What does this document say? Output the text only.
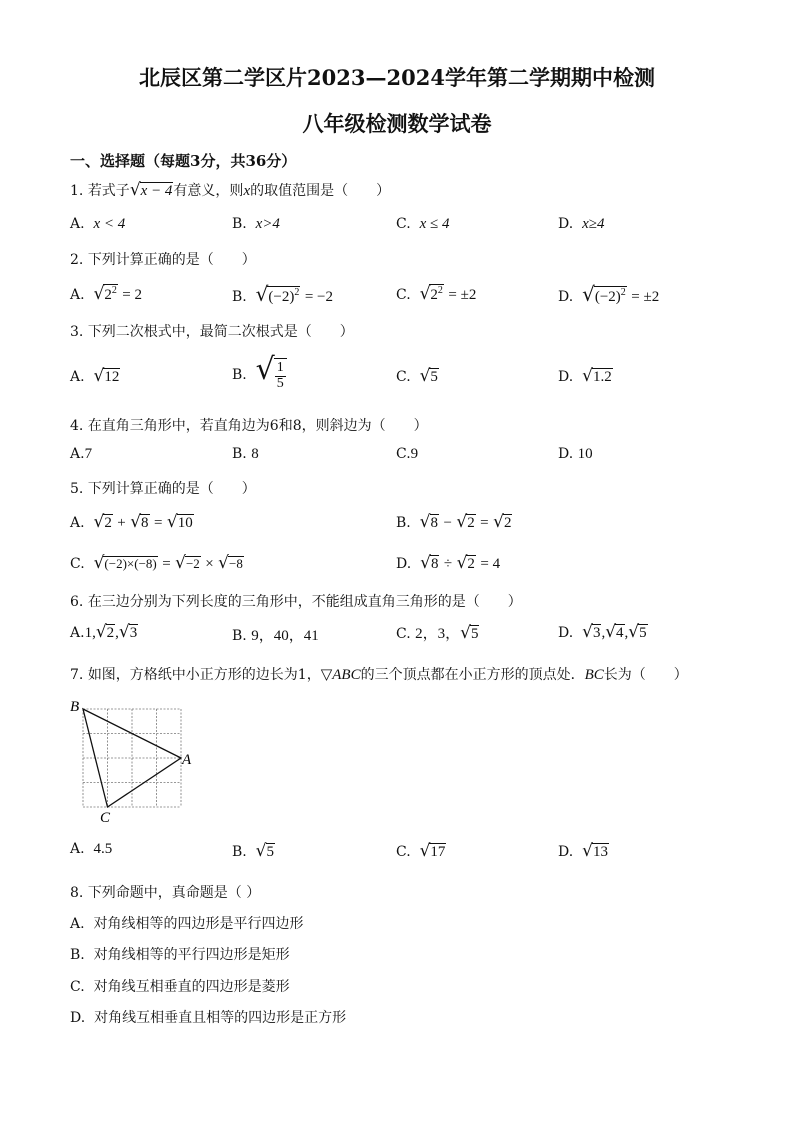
北辰区第二学区片2023—2024学年第二学期期中检测
八年级检测数学试卷
一、选择题（每题3分，共36分）
1. 若式子√x − 4有意义，则x的取值范围是（　　）
A. x < 4	B. x>4	C. x ≤ 4	D. x≥4
2. 下列计算正确的是（　　）
A. $√2^2 = 2$	B. $√(-2)^2 = -2$	C. $√2^2 = \pm 2$	D. $√(-2)^2 = \pm 2$
3. 下列二次根式中，最简二次根式是（　　）
A. √12	B. √ $\frac{1}{5}$	C. √5	D. √1.2
4. 在直角三角形中，若直角边为6和8，则斜边为（　　）
A.7	B. 8	C.9	D. 10
5. 下列计算正确的是（　　）
A. √2 + √8 = √10	B. √8 − √2 = √2
C. √(−2)×(−8) = √−2 × √−8	D. √8 ÷ √2 = 4
6. 在三边分别为下列长度的三角形中，不能组成直角三角形的是（　　）
A.1,√2,√3	B. 9，40，41	C. 2，3，√5	D. √3,√4,√5
7. 如图，方格纸中小正方形的边长为1，▽ABC的三个顶点都在小正方形的顶点处．BC长为（　　）
B
A
C
A. 4.5	B. √5	C. √17	D. √13
8. 下列命题中，真命题是（ ）
A. 对角线相等的四边形是平行四边形
B. 对角线相等的平行四边形是矩形
C. 对角线互相垂直的四边形是菱形
D. 对角线互相垂直且相等的四边形是正方形
